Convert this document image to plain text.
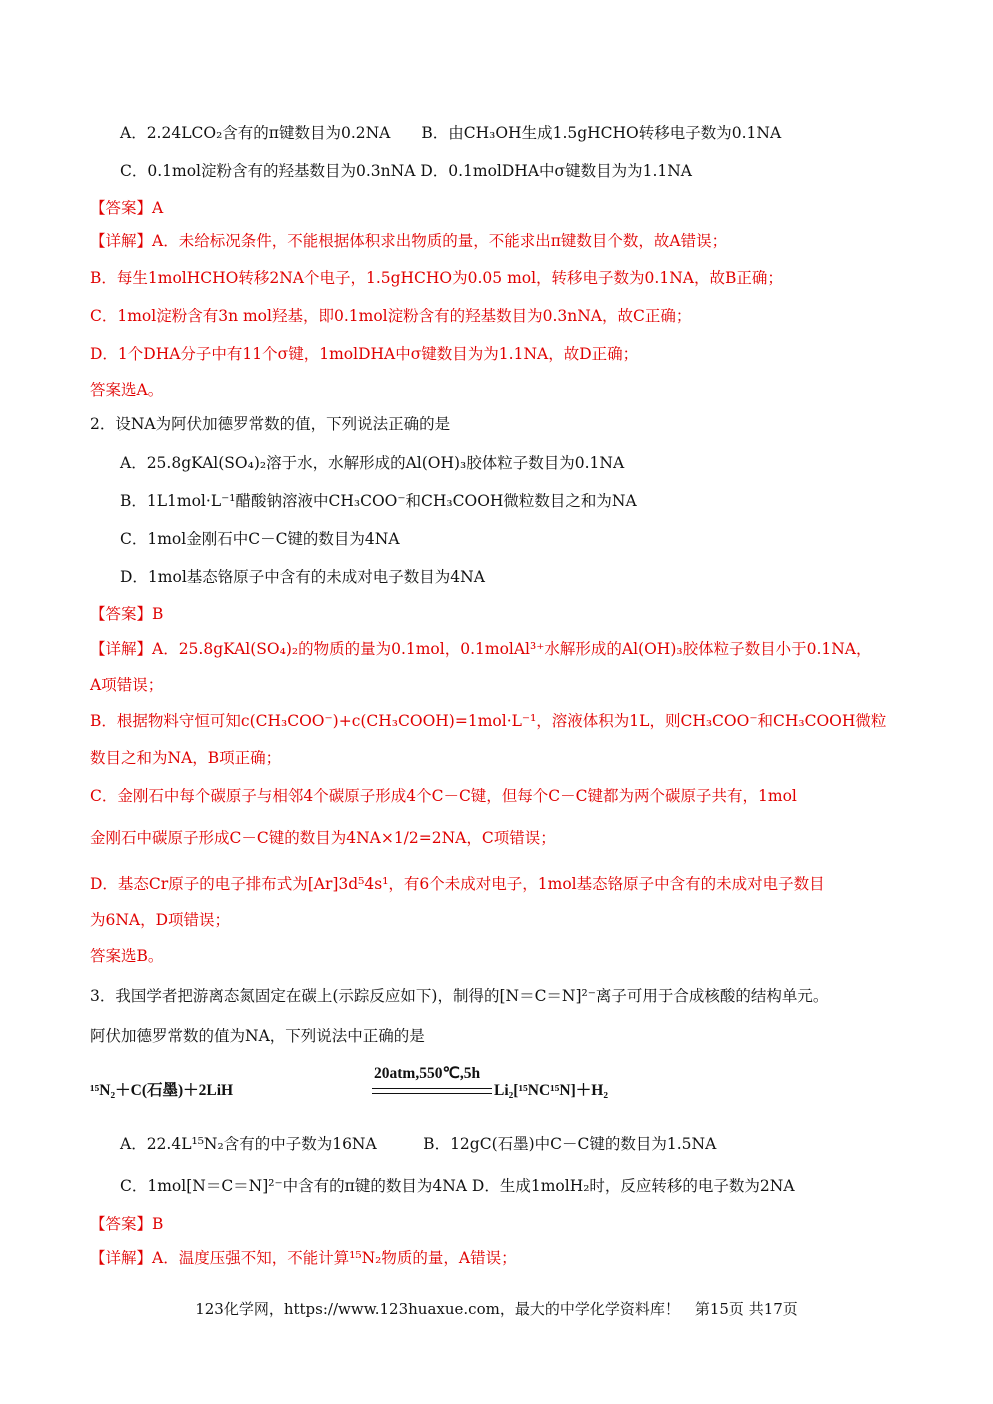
A．2.24LCO₂含有的π键数目为0.2NA　　B．由CH₃OH生成1.5gHCHO转移电子数为0.1NA
C．0.1mol淀粉含有的羟基数目为0.3nNA D．0.1molDHA中σ键数目为为1.1NA
【答案】A
【详解】A．未给标况条件，不能根据体积求出物质的量，不能求出π键数目个数，故A错误；
B．每生1molHCHO转移2NA个电子，1.5gHCHO为0.05 mol，转移电子数为0.1NA，故B正确；
C．1mol淀粉含有3n mol羟基，即0.1mol淀粉含有的羟基数目为0.3nNA，故C正确；
D．1个DHA分子中有11个σ键，1molDHA中σ键数目为为1.1NA，故D正确；
答案选A。
2．设NA为阿伏加德罗常数的值，下列说法正确的是
A．25.8gKAl(SO₄)₂溶于水，水解形成的Al(OH)₃胶体粒子数目为0.1NA
B．1L1mol·L⁻¹醋酸钠溶液中CH₃COO⁻和CH₃COOH微粒数目之和为NA
C．1mol金刚石中C－C键的数目为4NA
D．1mol基态铬原子中含有的未成对电子数目为4NA
【答案】B
【详解】A．25.8gKAl(SO₄)₂的物质的量为0.1mol，0.1molAl³⁺水解形成的Al(OH)₃胶体粒子数目小于0.1NA，
A项错误；
B．根据物料守恒可知c(CH₃COO⁻)+c(CH₃COOH)=1mol·L⁻¹，溶液体积为1L，则CH₃COO⁻和CH₃COOH微粒
数目之和为NA，B项正确；
C．金刚石中每个碳原子与相邻4个碳原子形成4个C－C键，但每个C－C键都为两个碳原子共有，1mol
金刚石中碳原子形成C－C键的数目为4NA×1/2=2NA，C项错误；
D．基态Cr原子的电子排布式为[Ar]3d⁵4s¹，有6个未成对电子，1mol基态铬原子中含有的未成对电子数目
为6NA，D项错误；
答案选B。
3．我国学者把游离态氮固定在碳上(示踪反应如下)，制得的[N＝C＝N]²⁻离子可用于合成核酸的结构单元。
阿伏加德罗常数的值为NA，下列说法中正确的是
¹⁵N₂＋C(石墨)＋2LiH
20atm,550℃,5h
Li₂[¹⁵NC¹⁵N]＋H₂
A．22.4L¹⁵N₂含有的中子数为16NA　　　B．12gC(石墨)中C－C键的数目为1.5NA
C．1mol[N＝C＝N]²⁻中含有的π键的数目为4NA D．生成1molH₂时，反应转移的电子数为2NA
【答案】B
【详解】A．温度压强不知，不能计算¹⁵N₂物质的量，A错误；
123化学网，https://www.123huaxue.com，最大的中学化学资料库！　第15页 共17页
